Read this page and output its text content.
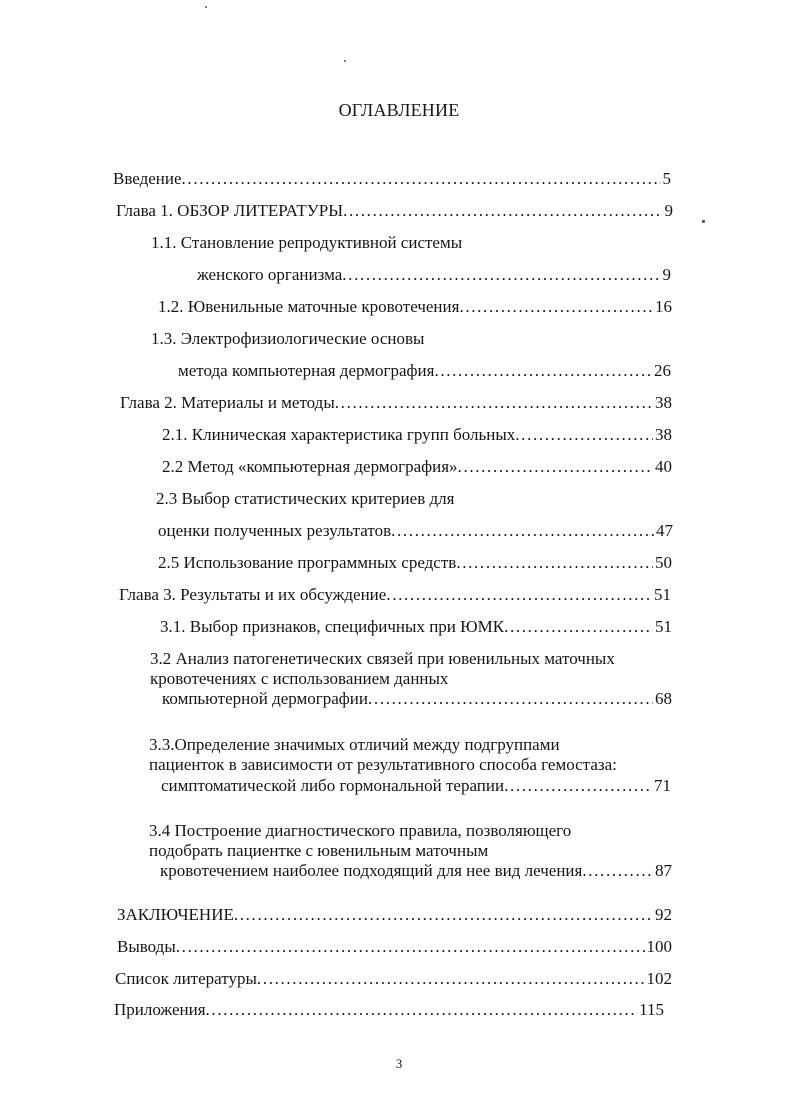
ОГЛАВЛЕНИЕ
Введение . . .	5
Глава 1. ОБЗОР ЛИТЕРАТУРЫ . . .	9
1.1. Становление репродуктивной системы
женского организма . . .	9
1.2. Ювенильные маточные кровотечения . . .	16
1.3. Электрофизиологические основы
метода компьютерная дермография . . .	26
Глава 2. Материалы и методы . . .	38
2.1. Клиническая характеристика групп больных . . .	38
2.2 Метод «компьютерная дермография» . . .	40
2.3 Выбор статистических критериев для
оценки полученных результатов . . .	47
2.5 Использование программных средств . . .	50
Глава 3. Результаты и их обсуждение . . .	51
3.1. Выбор признаков, специфичных при ЮМК . . .	51
3.2 Анализ патогенетических связей при ювенильных маточных
кровотечениях с использованием данных
компьютерной дермографии . . .	68
3.3.Определение значимых отличий между подгруппами
пациенток в зависимости от результативного способа гемостаза:
симптоматической либо гормональной терапии . . .	71
3.4 Построение диагностического правила, позволяющего
подобрать пациентке с ювенильным маточным
кровотечением наиболее подходящий для нее вид лечения . . .	87
ЗАКЛЮЧЕНИЕ . . .	92
Выводы . . .	100
Список литературы . . .	102
Приложения . . .	115
3
